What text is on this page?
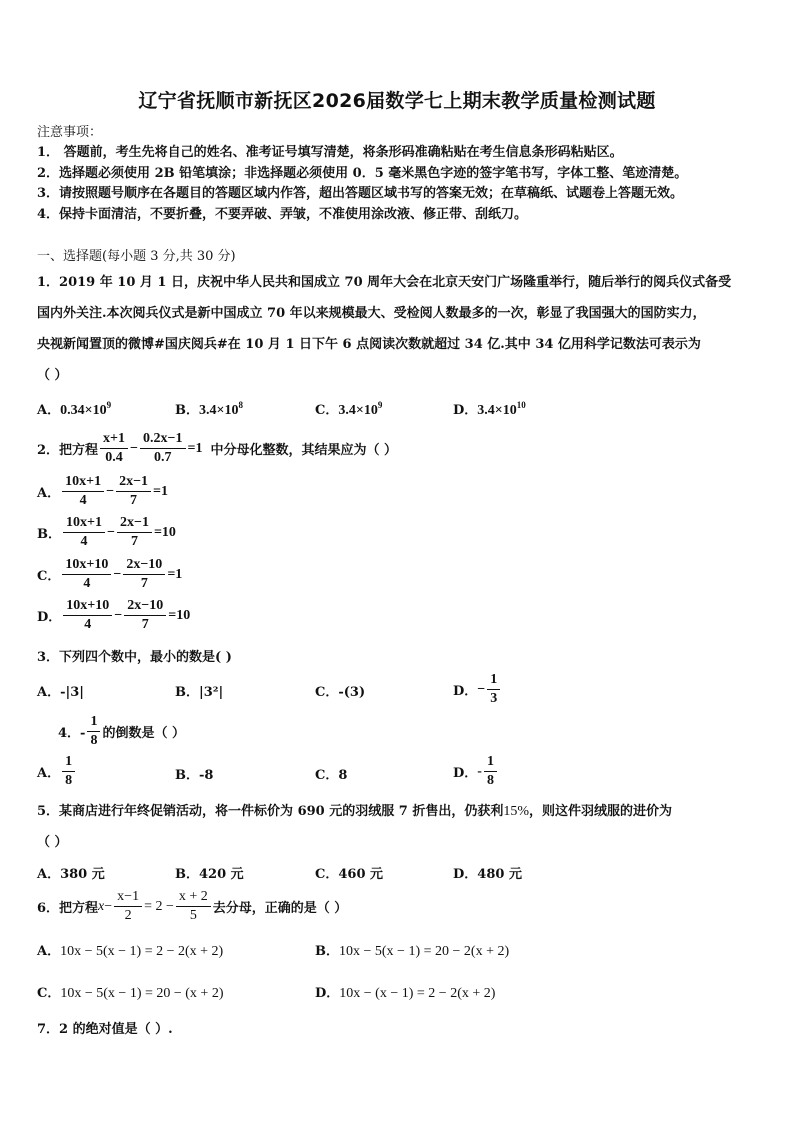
辽宁省抚顺市新抚区2026届数学七上期末教学质量检测试题
注意事项：
1． 答题前，考生先将自己的姓名、准考证号填写清楚，将条形码准确粘贴在考生信息条形码粘贴区。
2．选择题必须使用 2B 铅笔填涂；非选择题必须使用 0．5 毫米黑色字迹的签字笔书写，字体工整、笔迹清楚。
3．请按照题号顺序在各题目的答题区域内作答，超出答题区域书写的答案无效；在草稿纸、试题卷上答题无效。
4．保持卡面清洁，不要折叠，不要弄破、弄皱，不准使用涂改液、修正带、刮纸刀。
一、选择题(每小题 3 分,共 30 分)
1．2019 年 10 月 1 日，庆祝中华人民共和国成立 70 周年大会在北京天安门广场隆重举行，随后举行的阅兵仪式备受
国内外关注.本次阅兵仪式是新中国成立 70 年以来规模最大、受检阅人数最多的一次，彰显了我国强大的国防实力，
央视新闻置顶的微博#国庆阅兵#在 10 月 1 日下午 6 点阅读次数就超过 34 亿.其中 34 亿用科学记数法可表示为
（ ）
A．$0.34\times 10^9$	B．$3.4\times 10^8$	C．$3.4\times 10^9$	D．$3.4\times 10^{10}$
2．把方程 $\frac{x+1}{0.4} - \frac{0.2x-1}{0.7} =1$ 中分母化整数，其结果应为（ ）
A． $\frac{10x+1}{4} - \frac{2x-1}{7} =1$
B． $\frac{10x+1}{4} - \frac{2x-1}{7} =10$
C． $\frac{10x+10}{4} - \frac{2x-10}{7} =1$
D． $\frac{10x+10}{4} - \frac{2x-10}{7} =10$
3．下列四个数中，最小的数是( )
A．-|3|	B．|3²|	C．-(3)	D． − $\frac{1}{3}$
4．- $\frac{1}{8}$ 的倒数是（ ）
A． $\frac{1}{8}$	B．-8	C．8	D． - $\frac{1}{8}$
5．某商店进行年终促销活动，将一件标价为 690 元的羽绒服 7 折售出，仍获利15%，则这件羽绒服的进价为
（ ）
A．380 元	B．420 元	C．460 元	D．480 元
6．把方程 $x - \frac{x-1}{2} = 2 - \frac{x + 2}{5}$ 去分母，正确的是（ ）
A．10x − 5(x − 1) = 2 − 2(x + 2)	B．10x − 5(x − 1) = 20 − 2(x + 2)
C．10x − 5(x − 1) = 20 − (x + 2)	D．10x − (x − 1) = 2 − 2(x + 2)
7．2 的绝对值是（ ）.
